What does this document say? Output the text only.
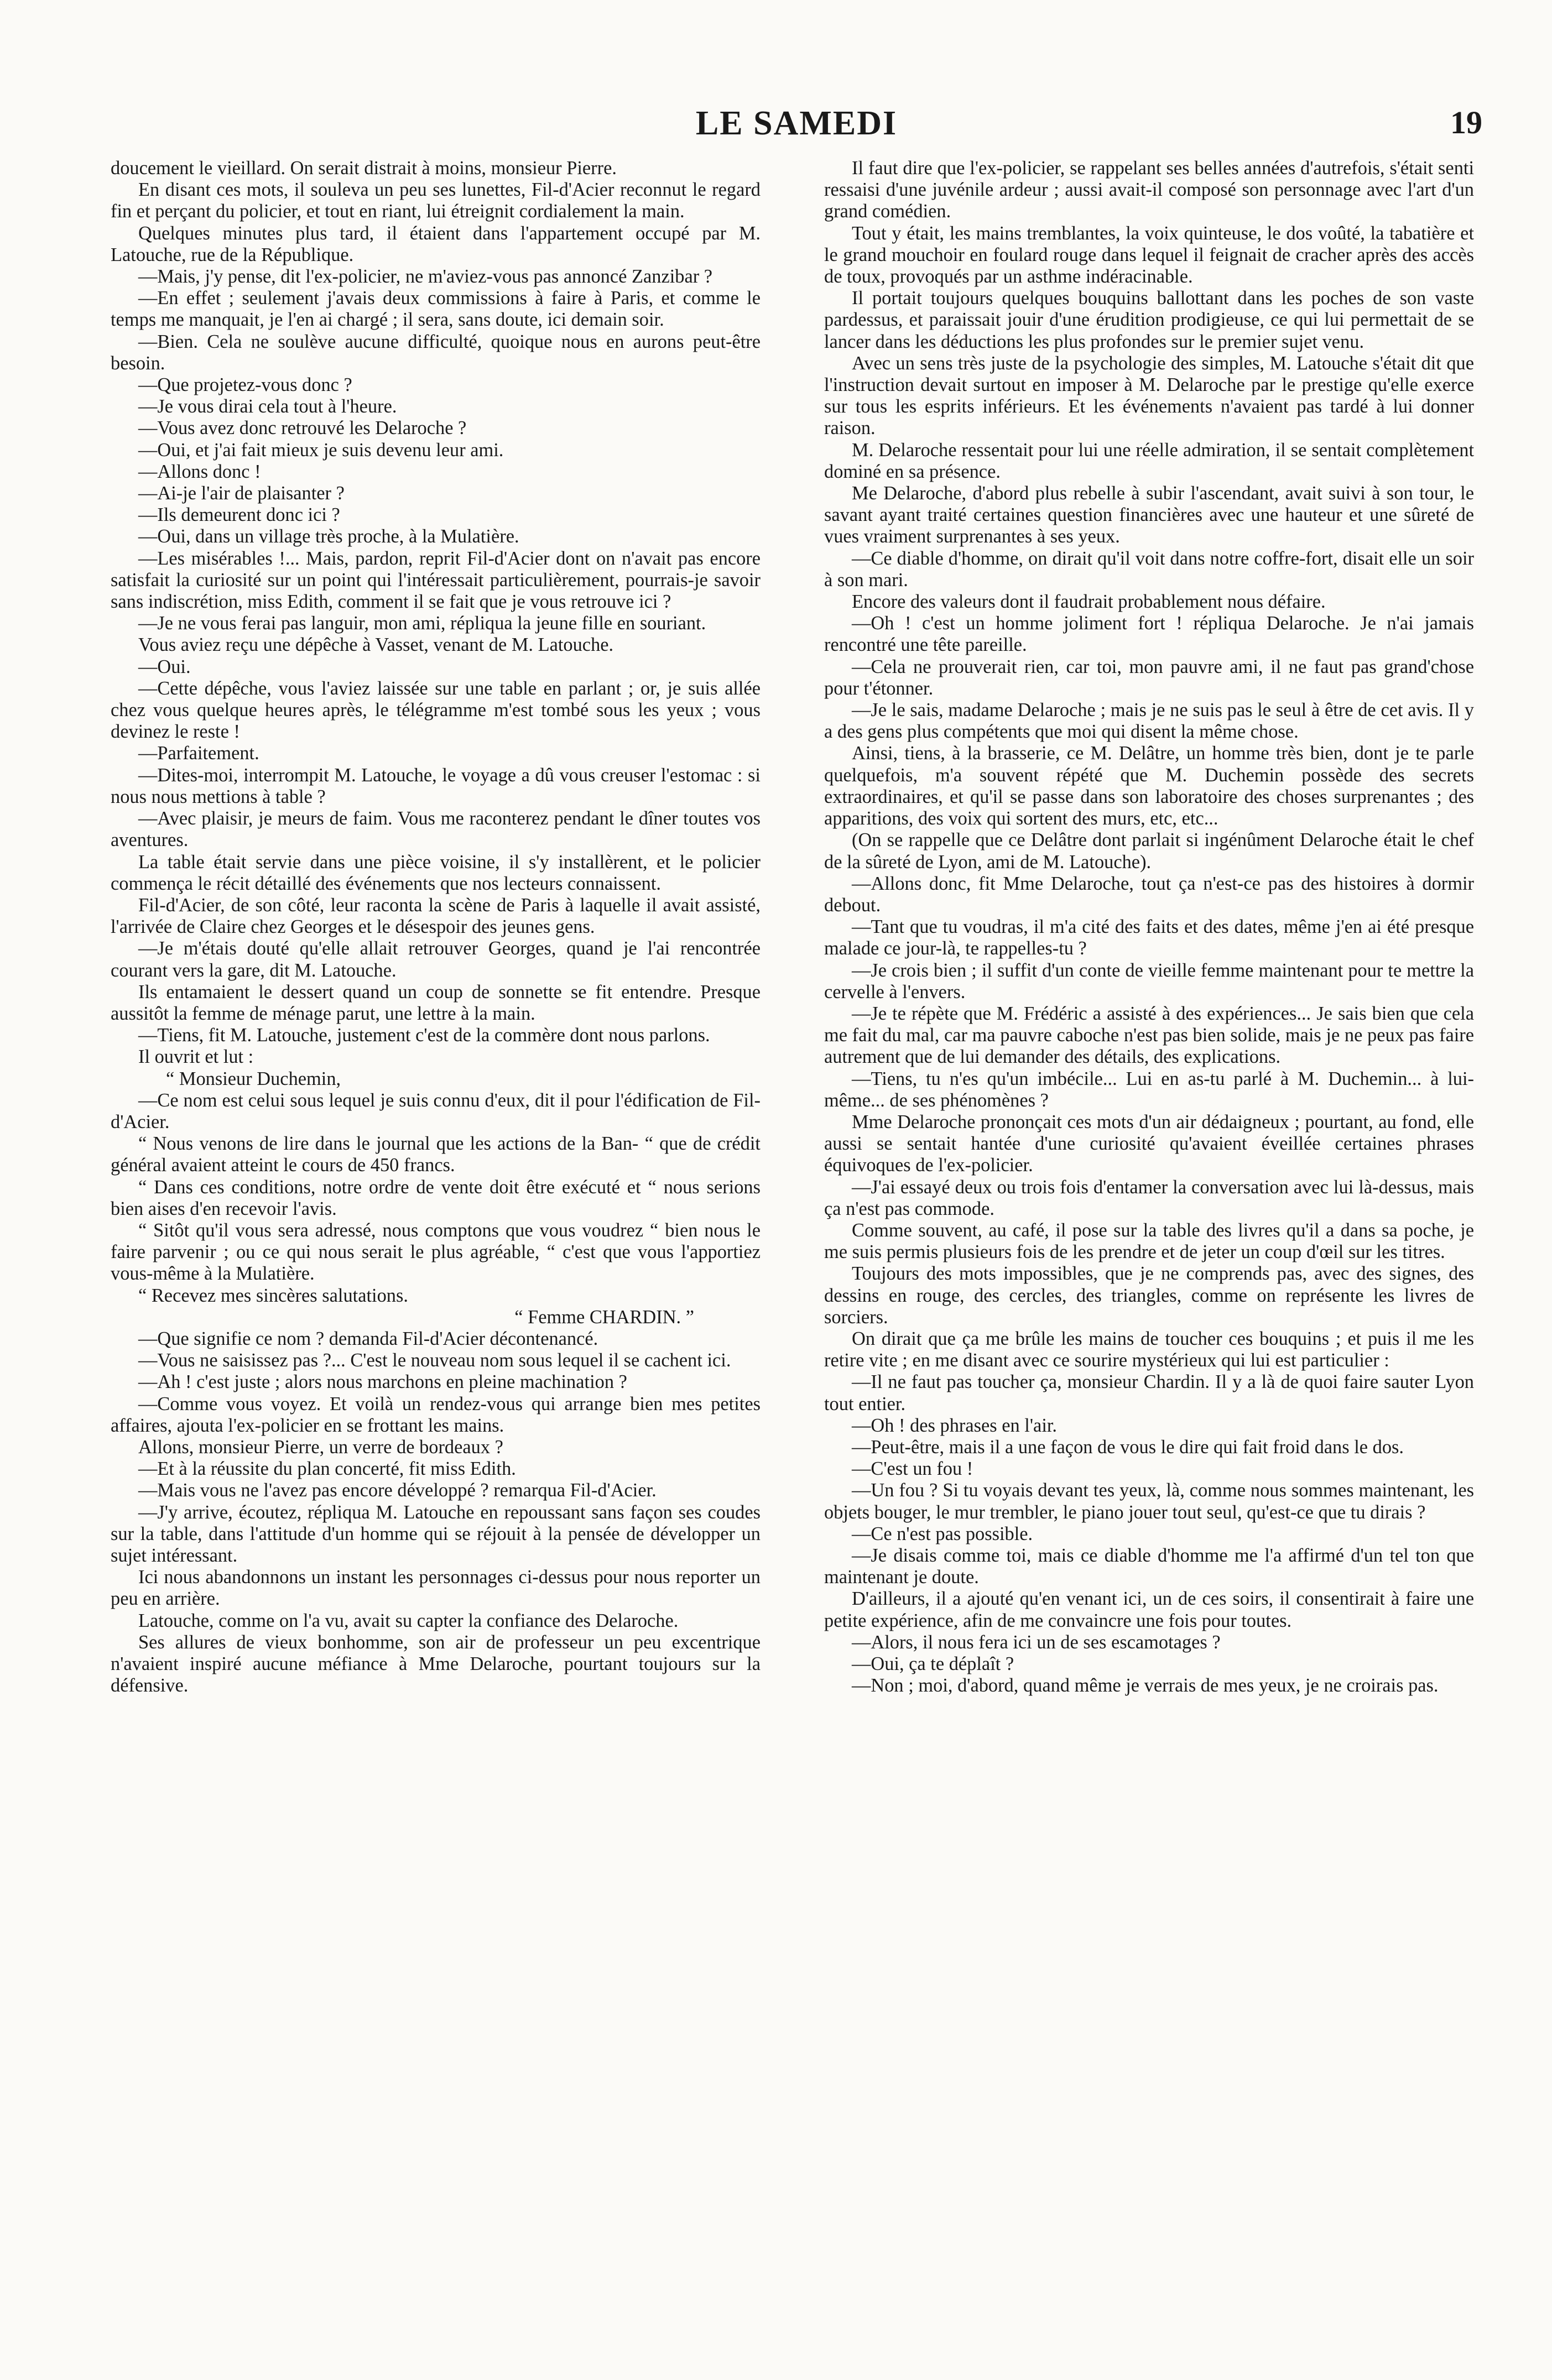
LE SAMEDI	19

doucement le vieillard. On serait distrait à moins, monsieur Pierre.

En disant ces mots, il souleva un peu ses lunettes, Fil-d'Acier reconnut le regard fin et perçant du policier, et tout en riant, lui étreignit cordialement la main.

Quelques minutes plus tard, il étaient dans l'appartement occupé par M. Latouche, rue de la République.

—Mais, j'y pense, dit l'ex-policier, ne m'aviez-vous pas annoncé Zanzibar ?

—En effet ; seulement j'avais deux commissions à faire à Paris, et comme le temps me manquait, je l'en ai chargé ; il sera, sans doute, ici demain soir.

—Bien. Cela ne soulève aucune difficulté, quoique nous en aurons peut-être besoin.

—Que projetez-vous donc ?

—Je vous dirai cela tout à l'heure.

—Vous avez donc retrouvé les Delaroche ?

—Oui, et j'ai fait mieux je suis devenu leur ami.

—Allons donc !

—Ai-je l'air de plaisanter ?

—Ils demeurent donc ici ?

—Oui, dans un village très proche, à la Mulatière.

—Les misérables !... Mais, pardon, reprit Fil-d'Acier dont on n'avait pas encore satisfait la curiosité sur un point qui l'intéressait particulièrement, pourrais-je savoir sans indiscrétion, miss Edith, comment il se fait que je vous retrouve ici ?

—Je ne vous ferai pas languir, mon ami, répliqua la jeune fille en souriant.

Vous aviez reçu une dépêche à Vasset, venant de M. Latouche.

—Oui.

—Cette dépêche, vous l'aviez laissée sur une table en parlant ; or, je suis allée chez vous quelque heures après, le télégramme m'est tombé sous les yeux ; vous devinez le reste !

—Parfaitement.

—Dites-moi, interrompit M. Latouche, le voyage a dû vous creuser l'estomac : si nous nous mettions à table ?

—Avec plaisir, je meurs de faim. Vous me raconterez pendant le dîner toutes vos aventures.

La table était servie dans une pièce voisine, il s'y installèrent, et le policier commença le récit détaillé des événements que nos lecteurs connaissent.

Fil-d'Acier, de son côté, leur raconta la scène de Paris à laquelle il avait assisté, l'arrivée de Claire chez Georges et le désespoir des jeunes gens.

—Je m'étais douté qu'elle allait retrouver Georges, quand je l'ai rencontrée courant vers la gare, dit M. Latouche.

Ils entamaient le dessert quand un coup de sonnette se fit entendre. Presque aussitôt la femme de ménage parut, une lettre à la main.

—Tiens, fit M. Latouche, justement c'est de la commère dont nous parlons.

Il ouvrit et lut :

“ Monsieur Duchemin,

—Ce nom est celui sous lequel je suis connu d'eux, dit il pour l'édification de Fil-d'Acier.

“ Nous venons de lire dans le journal que les actions de la Ban- “ que de crédit général avaient atteint le cours de 450 francs.

“ Dans ces conditions, notre ordre de vente doit être exécuté et “ nous serions bien aises d'en recevoir l'avis.

“ Sitôt qu'il vous sera adressé, nous comptons que vous voudrez “ bien nous le faire parvenir ; ou ce qui nous serait le plus agréable, “ c'est que vous l'apportiez vous-même à la Mulatière.

“ Recevez mes sincères salutations.

“ Femme CHARDIN. ”

—Que signifie ce nom ? demanda Fil-d'Acier décontenancé.

—Vous ne saisissez pas ?... C'est le nouveau nom sous lequel il se cachent ici.

—Ah ! c'est juste ; alors nous marchons en pleine machination ?

—Comme vous voyez. Et voilà un rendez-vous qui arrange bien mes petites affaires, ajouta l'ex-policier en se frottant les mains.

Allons, monsieur Pierre, un verre de bordeaux ?

—Et à la réussite du plan concerté, fit miss Edith.

—Mais vous ne l'avez pas encore développé ? remarqua Fil-d'Acier.

—J'y arrive, écoutez, répliqua M. Latouche en repoussant sans façon ses coudes sur la table, dans l'attitude d'un homme qui se réjouit à la pensée de développer un sujet intéressant.

Ici nous abandonnons un instant les personnages ci-dessus pour nous reporter un peu en arrière.

Latouche, comme on l'a vu, avait su capter la confiance des Delaroche.

Ses allures de vieux bonhomme, son air de professeur un peu excentrique n'avaient inspiré aucune méfiance à Mme Delaroche, pourtant toujours sur la défensive.

Il faut dire que l'ex-policier, se rappelant ses belles années d'autrefois, s'était senti ressaisi d'une juvénile ardeur ; aussi avait-il composé son personnage avec l'art d'un grand comédien.

Tout y était, les mains tremblantes, la voix quinteuse, le dos voûté, la tabatière et le grand mouchoir en foulard rouge dans lequel il feignait de cracher après des accès de toux, provoqués par un asthme indéracinable.

Il portait toujours quelques bouquins ballottant dans les poches de son vaste pardessus, et paraissait jouir d'une érudition prodigieuse, ce qui lui permettait de se lancer dans les déductions les plus profondes sur le premier sujet venu.

Avec un sens très juste de la psychologie des simples, M. Latouche s'était dit que l'instruction devait surtout en imposer à M. Delaroche par le prestige qu'elle exerce sur tous les esprits inférieurs. Et les événements n'avaient pas tardé à lui donner raison.

M. Delaroche ressentait pour lui une réelle admiration, il se sentait complètement dominé en sa présence.

Me Delaroche, d'abord plus rebelle à subir l'ascendant, avait suivi à son tour, le savant ayant traité certaines question financières avec une hauteur et une sûreté de vues vraiment surprenantes à ses yeux.

—Ce diable d'homme, on dirait qu'il voit dans notre coffre-fort, disait elle un soir à son mari.

Encore des valeurs dont il faudrait probablement nous défaire.

—Oh ! c'est un homme joliment fort ! répliqua Delaroche. Je n'ai jamais rencontré une tête pareille.

—Cela ne prouverait rien, car toi, mon pauvre ami, il ne faut pas grand'chose pour t'étonner.

—Je le sais, madame Delaroche ; mais je ne suis pas le seul à être de cet avis. Il y a des gens plus compétents que moi qui disent la même chose.

Ainsi, tiens, à la brasserie, ce M. Delâtre, un homme très bien, dont je te parle quelquefois, m'a souvent répété que M. Duchemin possède des secrets extraordinaires, et qu'il se passe dans son laboratoire des choses surprenantes ; des apparitions, des voix qui sortent des murs, etc, etc...

(On se rappelle que ce Delâtre dont parlait si ingénûment Delaroche était le chef de la sûreté de Lyon, ami de M. Latouche).

—Allons donc, fit Mme Delaroche, tout ça n'est-ce pas des histoires à dormir debout.

—Tant que tu voudras, il m'a cité des faits et des dates, même j'en ai été presque malade ce jour-là, te rappelles-tu ?

—Je crois bien ; il suffit d'un conte de vieille femme maintenant pour te mettre la cervelle à l'envers.

—Je te répète que M. Frédéric a assisté à des expériences... Je sais bien que cela me fait du mal, car ma pauvre caboche n'est pas bien solide, mais je ne peux pas faire autrement que de lui demander des détails, des explications.

—Tiens, tu n'es qu'un imbécile... Lui en as-tu parlé à M. Duchemin... à lui-même... de ses phénomènes ?

Mme Delaroche prononçait ces mots d'un air dédaigneux ; pourtant, au fond, elle aussi se sentait hantée d'une curiosité qu'avaient éveillée certaines phrases équivoques de l'ex-policier.

—J'ai essayé deux ou trois fois d'entamer la conversation avec lui là-dessus, mais ça n'est pas commode.

Comme souvent, au café, il pose sur la table des livres qu'il a dans sa poche, je me suis permis plusieurs fois de les prendre et de jeter un coup d'œil sur les titres.

Toujours des mots impossibles, que je ne comprends pas, avec des signes, des dessins en rouge, des cercles, des triangles, comme on représente les livres de sorciers.

On dirait que ça me brûle les mains de toucher ces bouquins ; et puis il me les retire vite ; en me disant avec ce sourire mystérieux qui lui est particulier :

—Il ne faut pas toucher ça, monsieur Chardin. Il y a là de quoi faire sauter Lyon tout entier.

—Oh ! des phrases en l'air.

—Peut-être, mais il a une façon de vous le dire qui fait froid dans le dos.

—C'est un fou !

—Un fou ? Si tu voyais devant tes yeux, là, comme nous sommes maintenant, les objets bouger, le mur trembler, le piano jouer tout seul, qu'est-ce que tu dirais ?

—Ce n'est pas possible.

—Je disais comme toi, mais ce diable d'homme me l'a affirmé d'un tel ton que maintenant je doute.

D'ailleurs, il a ajouté qu'en venant ici, un de ces soirs, il consentirait à faire une petite expérience, afin de me convaincre une fois pour toutes.

—Alors, il nous fera ici un de ses escamotages ?

—Oui, ça te déplaît ?

—Non ; moi, d'abord, quand même je verrais de mes yeux, je ne croirais pas.
